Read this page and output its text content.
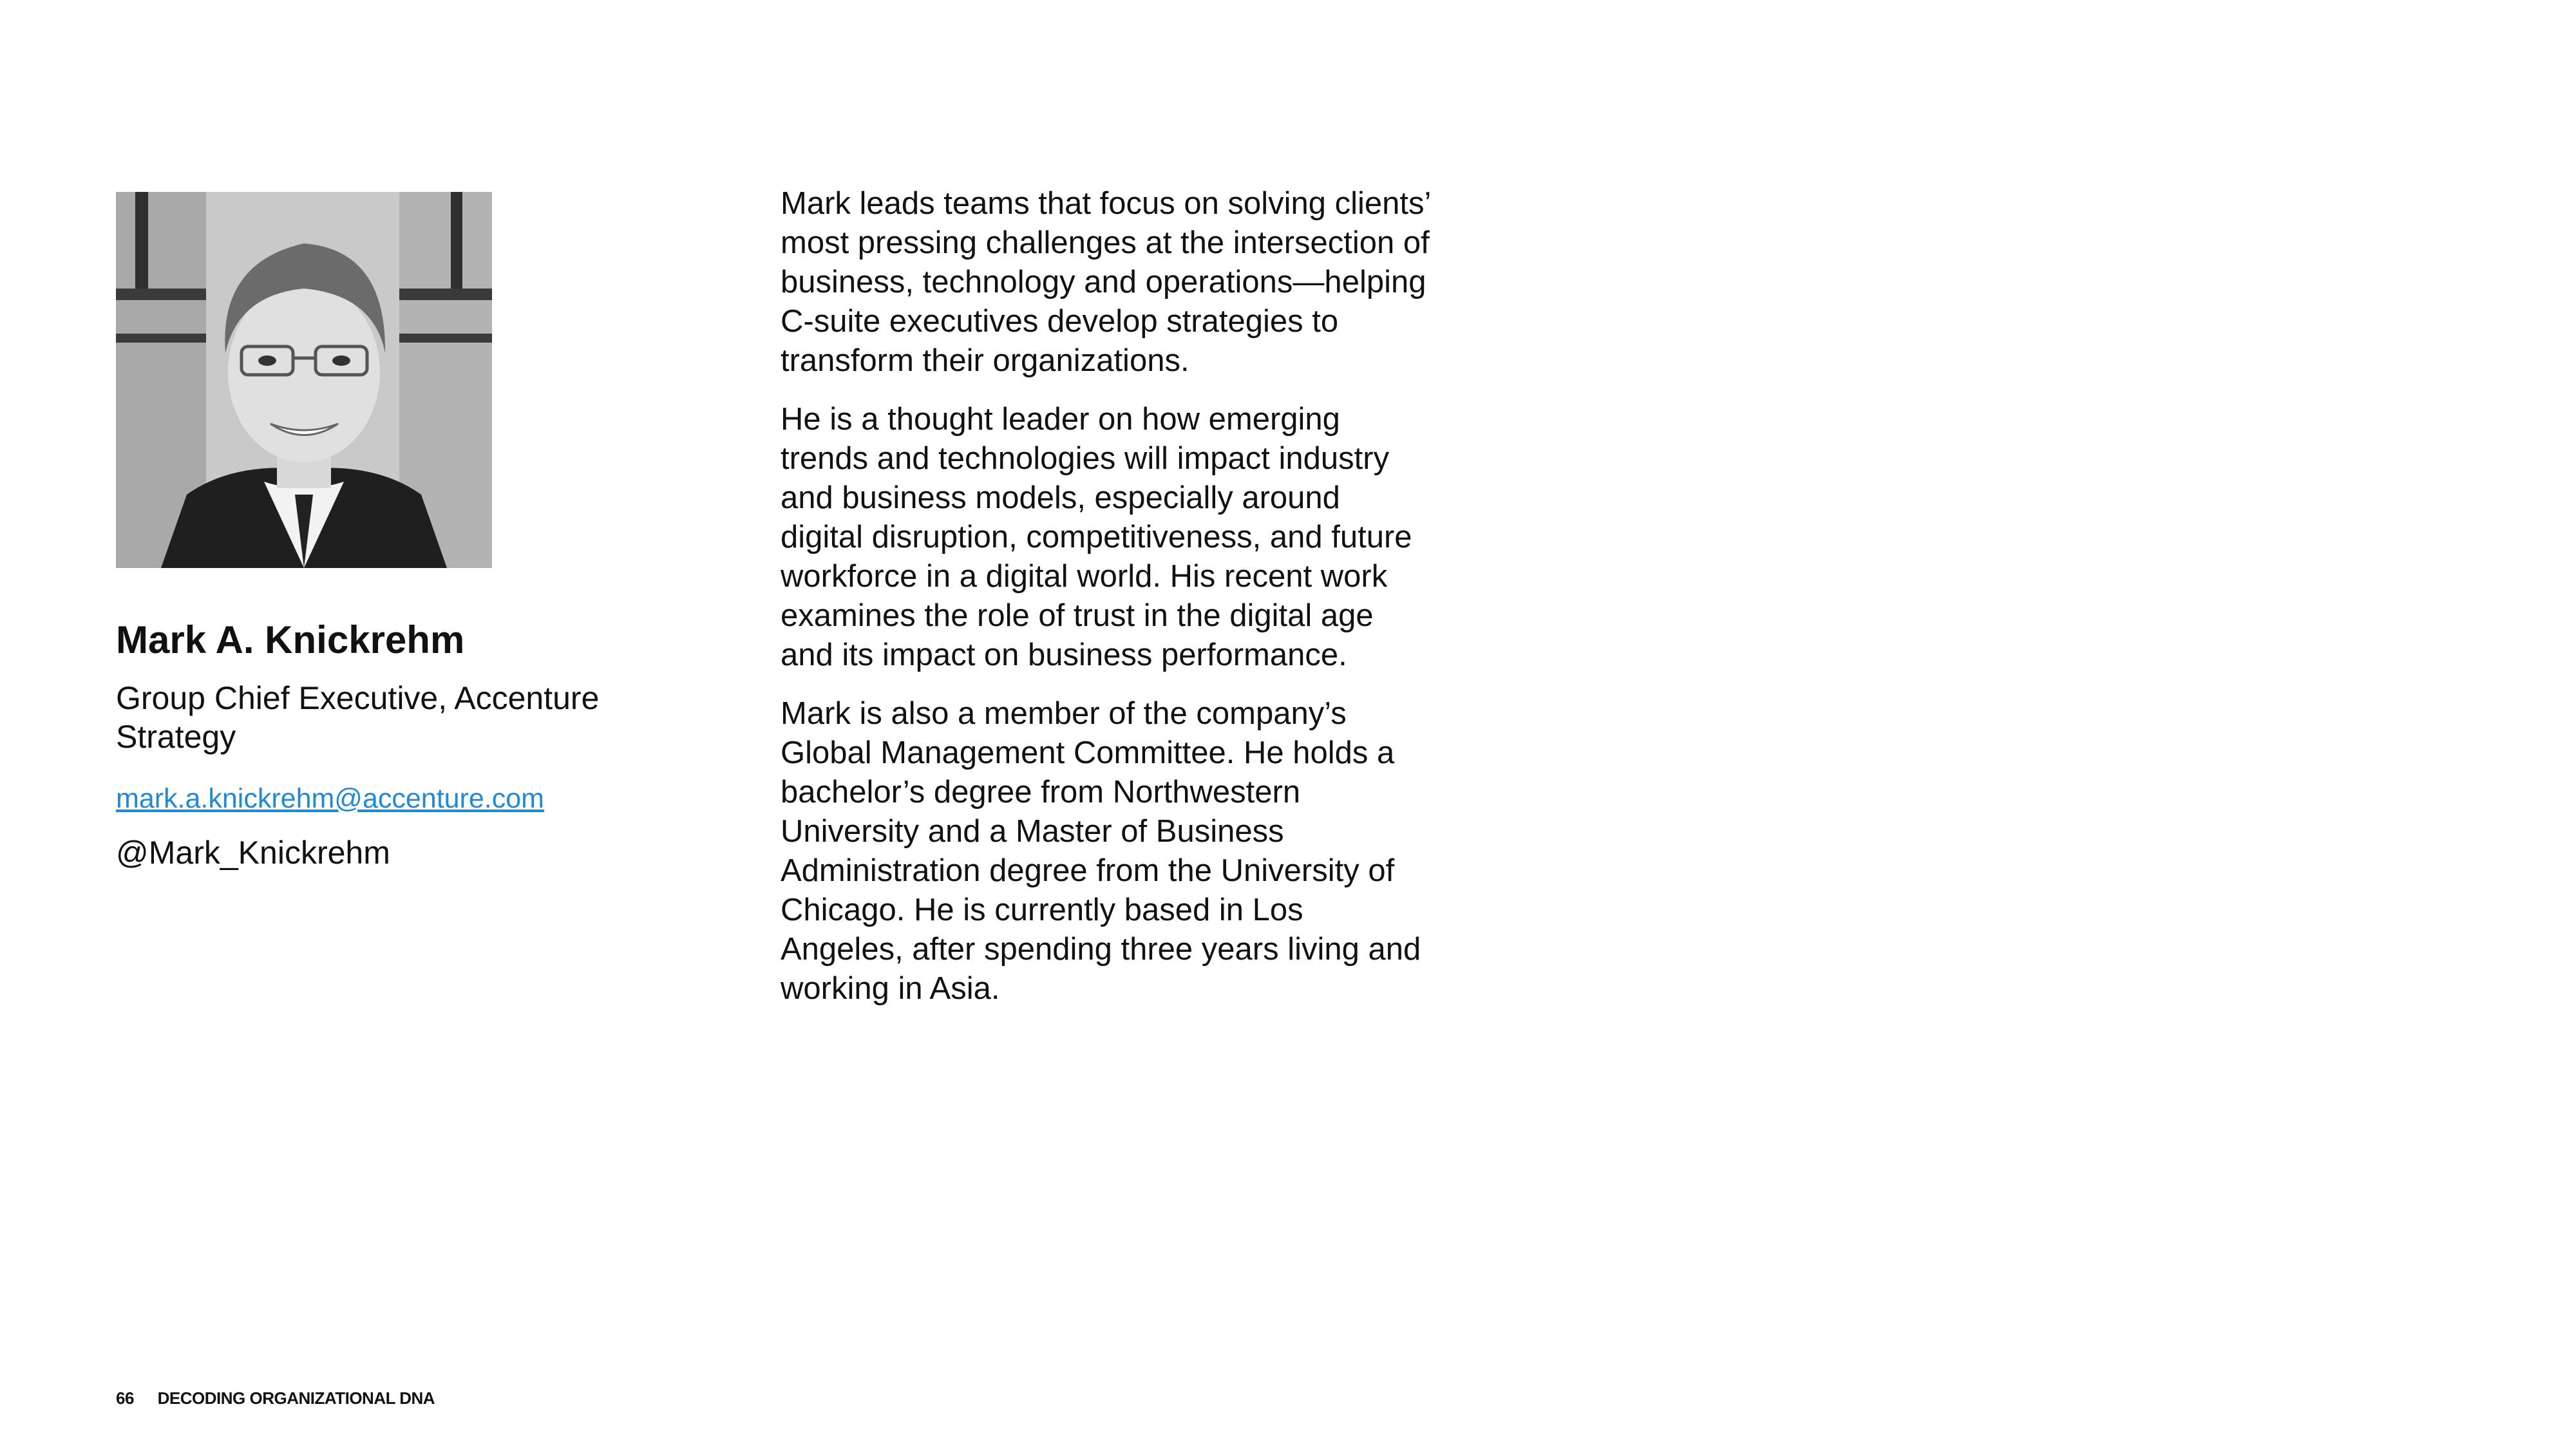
Mark A. Knickrehm
Group Chief Executive, Accenture Strategy
mark.a.knickrehm@accenture.com
@Mark_Knickrehm

Mark leads teams that focus on solving clients’ most pressing challenges at the intersection of business, technology and operations—helping C-suite executives develop strategies to transform their organizations.

He is a thought leader on how emerging trends and technologies will impact industry and business models, especially around digital disruption, competitiveness, and future workforce in a digital world. His recent work examines the role of trust in the digital age and its impact on business performance.

Mark is also a member of the company’s Global Management Committee. He holds a bachelor’s degree from Northwestern University and a Master of Business Administration degree from the University of Chicago. He is currently based in Los Angeles, after spending three years living and working in Asia.

66 DECODING ORGANIZATIONAL DNA
